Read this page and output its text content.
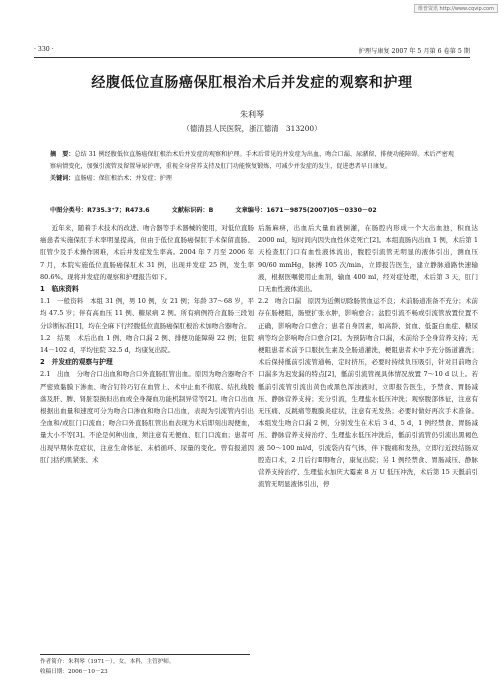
维普资讯 http://www.cqvip.com
· 330 ·	护理与康复 2007 年 5 月第 6 卷第 5 期
经腹低位直肠癌保肛根治术后并发症的观察和护理
朱利琴
（德清县人民医院，浙江德清　313200）
摘　要：总结 31 例经腹低位直肠癌保肛根治术后并发症的观察和护理。手术后常见的并发症为出血、吻合口漏、尿潴留、排便功能障碍。术后严密观察病情变化，加强引流管及留置导尿护理，重视全身营养支持及肛门功能恢复锻炼，可减少并发症的发生，促进患者早日康复。
关键词：直肠癌；保肛根治术；并发症；护理
中图分类号：R735.3⁺7；R473.6	文献标识码：B	文章编号：1671－9875(2007)05－0330－02

近年来，随着手术技术的改进、吻合器等手术器械的使用，对低位直肠癌患者实施保肛手术率明显提高，但由于低位直肠癌保肛手术保留直肠、肛管少及手术操作困难，术后并发症发生率高。2004 年 7 月至 2006 年 7 月，本院实施低位直肠癌保肛术 31 例，出现并发症 25 例，发生率 80.6%。现将并发症的观察和护理报告如下。

1　临床资料

1.1　一般资料　本组 31 例，男 10 例，女 21 例；年龄 37～68 岁，平均 47.5 岁；伴有高血压 11 例、糖尿病 2 例。所有病例符合直肠三段划分诊断标准[1]，均在全麻下行经腹低位直肠癌保肛根治术加吻合器吻合。

1.2　结果　术后出血 1 例、吻合口漏 2 例、排便功能障碍 22 例；住院 14－102 d，平均住院 32.5 d，均康复出院。

2　并发症的观察与护理

2.1　出血　分吻合口出血和吻合口外直肠肛管出血。原因为吻合器吻合不严密致黏膜下渗血、吻合钉铃巧钉在血管上、术中止血不彻底、结扎线脱落及肝、脾、肾脏裂损但出血或全身凝血功能机制异常等[2]。吻合口出血根据出血量和速度可分为吻合口渗血和吻合口出血，表现为引流管内引出全血和/或肛门口流血；吻合口外直肠肛管出血表现为术后即刻出现便血，量大小不等[3]。不论是何种出血，须注意有无便血、肛门口流血；患者可出现早期休克症状，注意生命体征、末梢循环、尿量的变化。曾有报道因肛门括约肌紧张、术

后肠麻痹，出血后大量血液倒灌，在肠腔内形成一个大出血池，积血达 2000 ml，短时间内因失血性休克死亡[2]。本组直肠内出血 1 例，术后第 1 天检查肛门口有血性液体流出，腹腔引流管无明显的液体引出，测血压 90/60 mmHg，脉搏 105 次/min，立即报告医生，建立静脉通路快速输液，根据医嘱使用止血剂，输血 400 ml，经对症处理，术后第 3 天，肛门口无血性液体流出。

2.2　吻合口漏　原因为近侧切除肠管血运不良；术前肠道准备不充分；术前存在肠梗阻，肠壁扩张水肿，影响愈合；盆腔引流不畅或引流管放置位置不正确，影响吻合口愈合；患者自身因素，如高龄、贫血、低蛋白血症、糖尿病等均会影响吻合口愈合[2]。为预防吻合口漏，术前给予全身营养支持；无梗阻患者术前予口服抗生素及全肠道灌洗，梗阻患者术中予充分肠道灌洗；术后保持骶前引流管通畅，定时挤压，必要时持续负压吸引，针对目前吻合口漏多为迟发漏的特点[2]，骶前引流管视具体情况放置 7～10 d 以上。若骶前引流管引流出黄色或黑色浑浊液时，立即报告医生，予禁食、胃肠减压、静脉营养支持；充分引流，生理盐水低压冲洗；观察腹部体征，注意有无压痛、反跳痛等腹膜炎症状，注意有无发热；必要时做好再次手术准备。本组发生吻合口漏 2 例，分别发生在术后 3 d、5 d，1 例经禁食、胃肠减压、静脉营养支持治疗、生理盐水低压冲洗后，骶前引流管仍引流出黑褐色液 50～100 ml/d，引流袋内有气体，伴下腹痛和发热，立即行近段结肠双腔造口术，2 月后行Ⅱ期吻合，康复出院；另 1 例经禁食、胃肠减压、静脉营养支持治疗、生理盐水加庆大霉素 8 万 U 低压冲洗，术后第 15 天骶前引流管无明显液体引出，停

作者简介：朱利琴（1971－），女，本科，主管护师。
收稿日期：2006－10－23
